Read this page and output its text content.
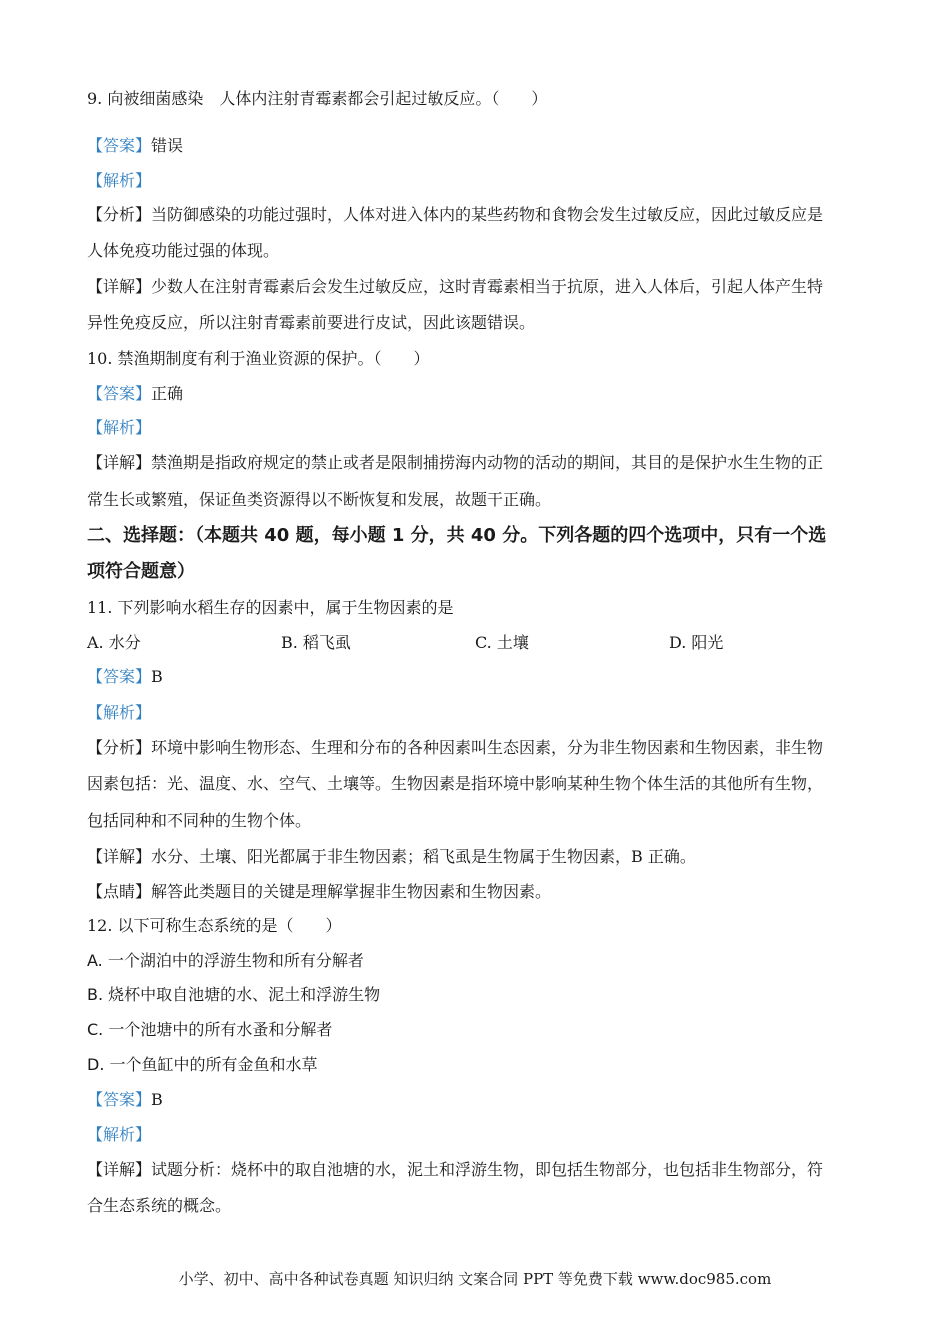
9. 向被细菌感染　人体内注射青霉素都会引起过敏反应。（　　）
【答案】错误
【解析】
【分析】当防御感染的功能过强时，人体对进入体内的某些药物和食物会发生过敏反应，因此过敏反应是
人体免疫功能过强的体现。
【详解】少数人在注射青霉素后会发生过敏反应，这时青霉素相当于抗原，进入人体后，引起人体产生特
异性免疫反应，所以注射青霉素前要进行皮试，因此该题错误。
10. 禁渔期制度有利于渔业资源的保护。（　　）
【答案】正确
【解析】
【详解】禁渔期是指政府规定的禁止或者是限制捕捞海内动物的活动的期间，其目的是保护水生生物的正
常生长或繁殖，保证鱼类资源得以不断恢复和发展，故题干正确。
二、选择题：（本题共 40 题，每小题 1 分，共 40 分。下列各题的四个选项中，只有一个选
项符合题意）
11. 下列影响水稻生存的因素中，属于生物因素的是
A. 水分	B. 稻飞虱	C. 土壤	D. 阳光
【答案】B
【解析】
【分析】环境中影响生物形态、生理和分布的各种因素叫生态因素，分为非生物因素和生物因素，非生物
因素包括：光、温度、水、空气、土壤等。生物因素是指环境中影响某种生物个体生活的其他所有生物，
包括同种和不同种的生物个体。
【详解】水分、土壤、阳光都属于非生物因素；稻飞虱是生物属于生物因素，B 正确。
【点睛】解答此类题目的关键是理解掌握非生物因素和生物因素。
12. 以下可称生态系统的是（　　）
A. 一个湖泊中的浮游生物和所有分解者
B. 烧杯中取自池塘的水、泥土和浮游生物
C. 一个池塘中的所有水蚤和分解者
D. 一个鱼缸中的所有金鱼和水草
【答案】B
【解析】
【详解】试题分析：烧杯中的取自池塘的水，泥土和浮游生物，即包括生物部分，也包括非生物部分，符
合生态系统的概念。
小学、初中、高中各种试卷真题 知识归纳 文案合同 PPT 等免费下载 www.doc985.com
